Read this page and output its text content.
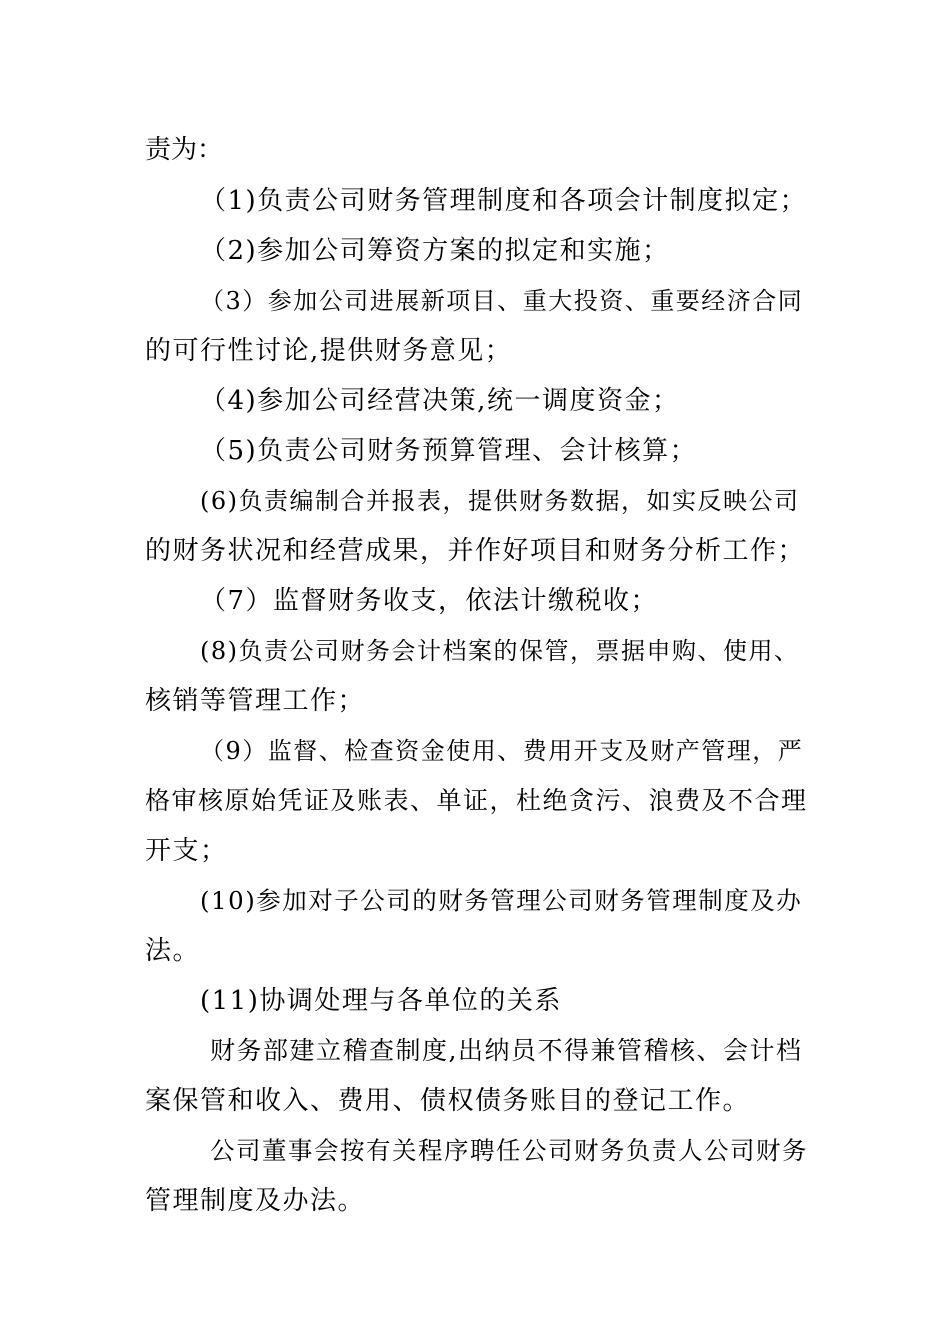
责为：
（1)负责公司财务管理制度和各项会计制度拟定；
（2)参加公司筹资方案的拟定和实施；
（3）参加公司进展新项目、重大投资、重要经济合同
的可行性讨论,提供财务意见；
（4)参加公司经营决策,统一调度资金；
（5)负责公司财务预算管理、会计核算；
(6)负责编制合并报表，提供财务数据，如实反映公司
的财务状况和经营成果，并作好项目和财务分析工作；
（7）监督财务收支，依法计缴税收；
(8)负责公司财务会计档案的保管，票据申购、使用、
核销等管理工作；
（9）监督、检查资金使用、费用开支及财产管理，严
格审核原始凭证及账表、单证，杜绝贪污、浪费及不合理
开支；
(10)参加对子公司的财务管理公司财务管理制度及办
法。
(11)协调处理与各单位的关系
财务部建立稽查制度,出纳员不得兼管稽核、会计档
案保管和收入、费用、债权债务账目的登记工作。
公司董事会按有关程序聘任公司财务负责人公司财务
管理制度及办法。
